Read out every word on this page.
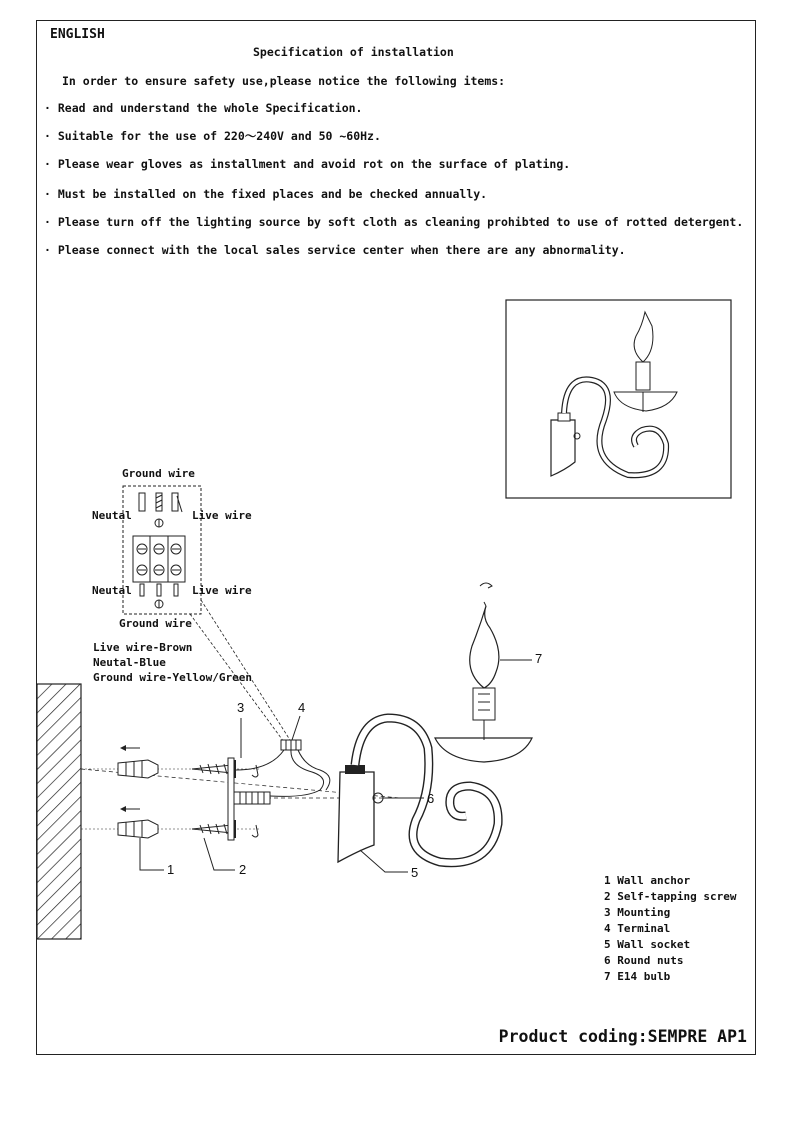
ENGLISH
Specification of installation
In order to ensure safety use,please notice the following items:
· Read and understand the whole Specification.
· Suitable for the use of 220～240V and 50 ~60Hz.
· Please wear gloves as installment and avoid rot on the surface of plating.
· Must be installed on the fixed places and be checked annually.
· Please turn off the lighting source by soft cloth as cleaning prohibted to use of rotted detergent.
· Please connect with the local sales service center when there are any abnormality.
Ground wire
Neutal	Live wire
Neutal	Live wire
Ground wire
Live wire-Brown
Neutal-Blue
Ground wire-Yellow/Green
3	4
1	2	5
6
7
1 Wall anchor
2 Self-tapping screw
3 Mounting
4 Terminal
5 Wall socket
6 Round nuts
7 E14 bulb
Product coding:SEMPRE AP1
